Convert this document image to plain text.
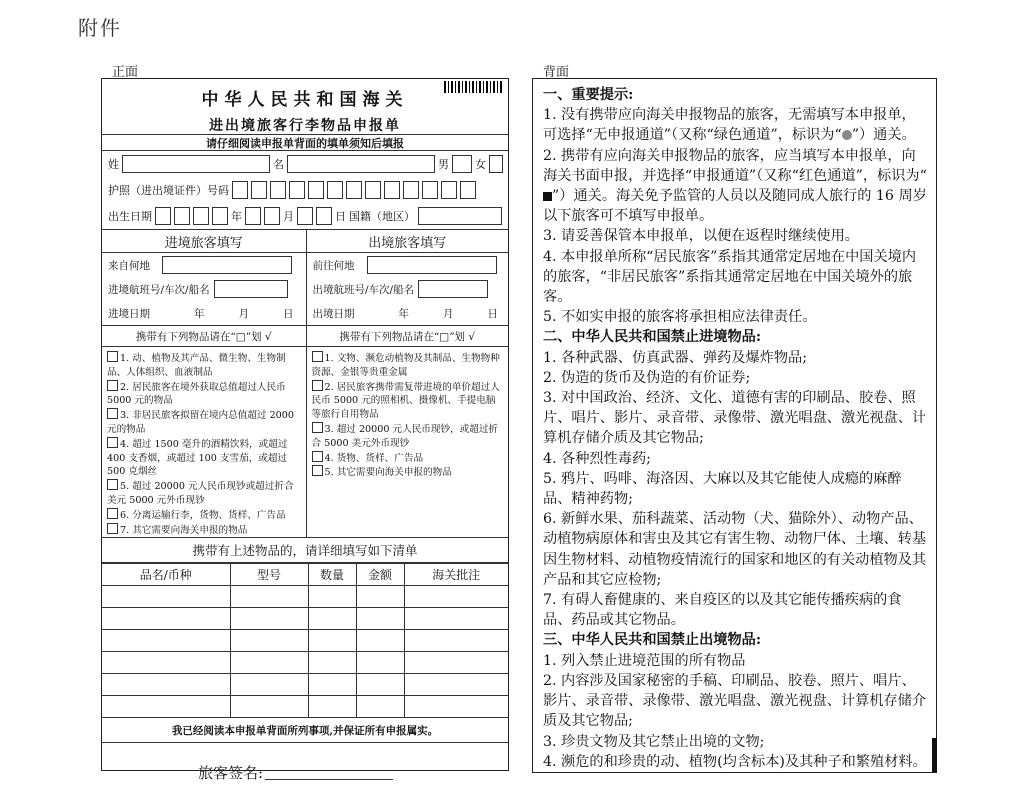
附件
正面	背面
中华人民共和国海关
进出境旅客行李物品申报单
请仔细阅读申报单背面的填单须知后填报
姓	名	男 女
护照（进出境证件）号码
出生日期	年	月	日 国籍（地区）
进境旅客填写
来自何地
进境航班号/车次/船名
进境日期	年	月	日
携带有下列物品请在“□”划 √
1. 动、植物及其产品、微生物、生物制品、人体组织、血液制品
2. 居民旅客在境外获取总值超过人民币 5000 元的物品
3. 非居民旅客拟留在境内总值超过 2000 元的物品
4. 超过 1500 毫升的酒精饮料，或超过 400 支香烟，或超过 100 支雪茄，或超过 500 克烟丝
5. 超过 20000 元人民币现钞或超过折合美元 5000 元外币现钞
6. 分离运输行李，货物、货样、广告品
7. 其它需要向海关申报的物品
出境旅客填写
前往何地
出境航班号/车次/船名
出境日期	年	月	日
携带有下列物品请在“□”划 √
1. 文物、濒危动植物及其制品、生物物种资源、金银等贵重金属
2. 居民旅客携带需复带进境的单价超过人民币 5000 元的照相机、摄像机、手提电脑等旅行自用物品
3. 超过 20000 元人民币现钞，或超过折合 5000 美元外币现钞
4. 货物、货样、广告品
5. 其它需要向海关申报的物品
携带有上述物品的，请详细填写如下清单
品名/币种	型号	数量	金额	海关批注

我已经阅读本申报单背面所列事项,并保证所有申报属实。
旅客签名:

一、重要提示:

1. 没有携带应向海关申报物品的旅客，无需填写本申报单，可选择“无申报通道”（又称“绿色通道”，标识为“ ”）通关。

2. 携带有应向海关申报物品的旅客，应当填写本申报单，向海关书面申报，并选择“申报通道”（又称“红色通道”，标识为“”）通关。海关免予监管的人员以及随同成人旅行的 16 周岁以下旅客可不填写申报单。

3. 请妥善保管本申报单，以便在返程时继续使用。

4. 本申报单所称“居民旅客”系指其通常定居地在中国关境内的旅客，“非居民旅客”系指其通常定居地在中国关境外的旅客。

5. 不如实申报的旅客将承担相应法律责任。

二、中华人民共和国禁止进境物品:

1. 各种武器、仿真武器、弹药及爆炸物品;

2. 伪造的货币及伪造的有价证券;

3. 对中国政治、经济、文化、道德有害的印刷品、胶卷、照片、唱片、影片、录音带、录像带、激光唱盘、激光视盘、计算机存储介质及其它物品;

4. 各种烈性毒药;

5. 鸦片、吗啡、海洛因、大麻以及其它能使人成瘾的麻醉品、精神药物;

6. 新鲜水果、茄科蔬菜、活动物（犬、猫除外）、动物产品、动植物病原体和害虫及其它有害生物、动物尸体、土壤、转基因生物材料、动植物疫情流行的国家和地区的有关动植物及其产品和其它应检物;

7. 有碍人畜健康的、来自疫区的以及其它能传播疾病的食品、药品或其它物品。

三、中华人民共和国禁止出境物品:

1. 列入禁止进境范围的所有物品

2. 内容涉及国家秘密的手稿、印刷品、胶卷、照片、唱片、影片、录音带、录像带、激光唱盘、激光视盘、计算机存储介质及其它物品;

3. 珍贵文物及其它禁止出境的文物;

4. 濒危的和珍贵的动、植物(均含标本)及其种子和繁殖材料。
